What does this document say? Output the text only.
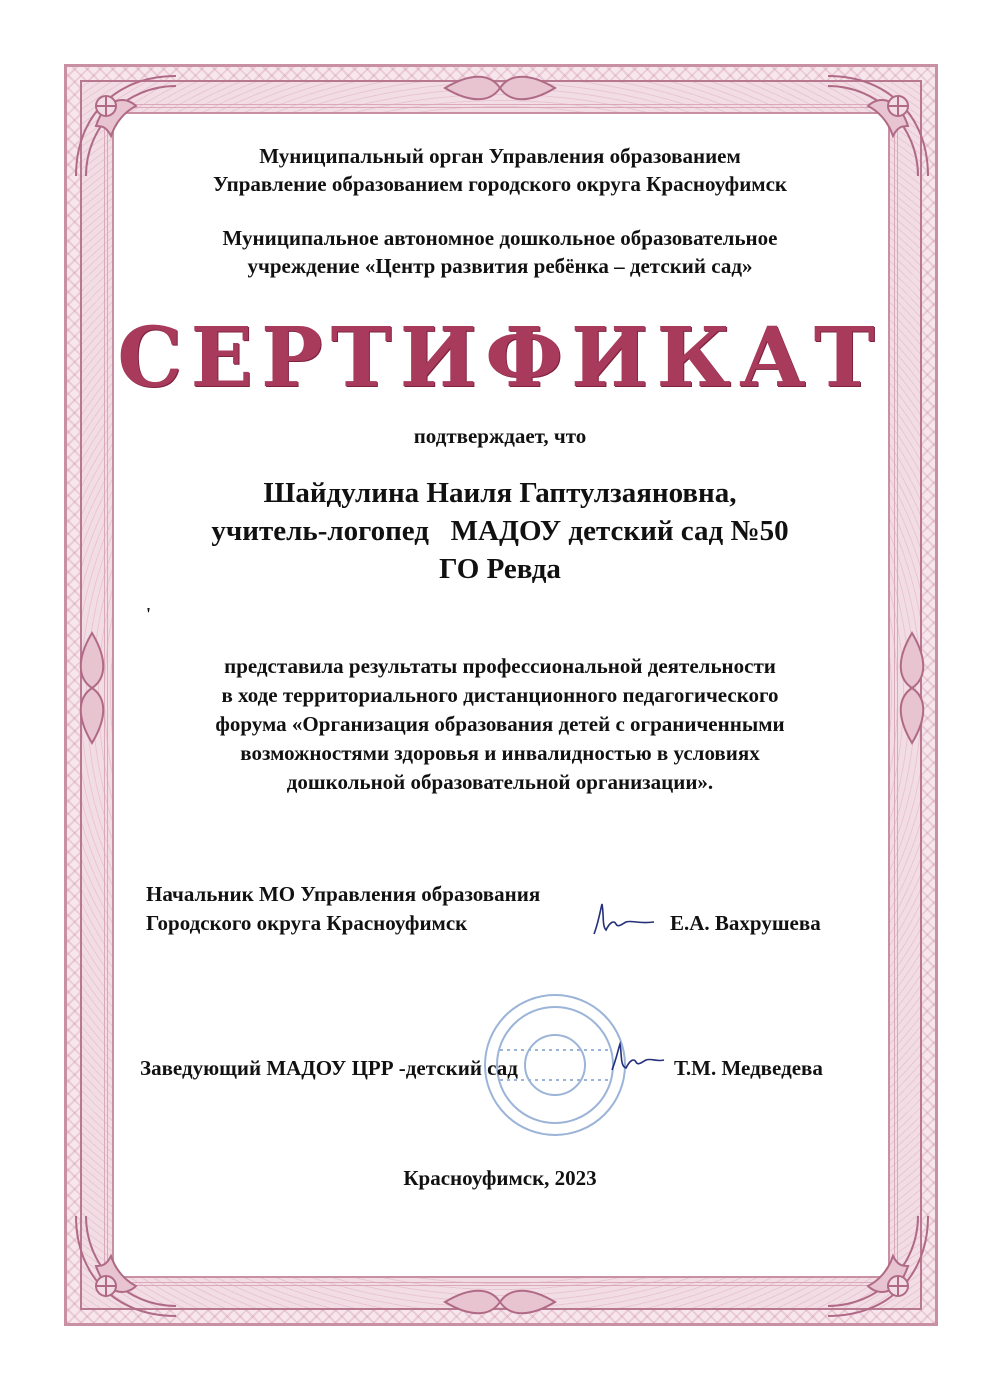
Муниципальный орган Управления образованием
Управление образованием городского округа Красноуфимск
Муниципальное автономное дошкольное образовательное
учреждение «Центр развития ребёнка – детский сад»
СЕРТИФИКАТ
подтверждает, что
Шайдулина Наиля Гаптулзаяновна,
учитель-логопед   МАДОУ детский сад №50
ГО Ревда
'
представила результаты профессиональной деятельности
в ходе территориального дистанционного педагогического
форума «Организация образования детей с ограниченными
возможностями здоровья и инвалидностью в условиях
дошкольной образовательной организации».
Начальник МО Управления образования
Городского округа Красноуфимск	Е.А. Вахрушева
Заведующий МАДОУ ЦРР -детский сад	Т.М. Медведева
Красноуфимск, 2023
